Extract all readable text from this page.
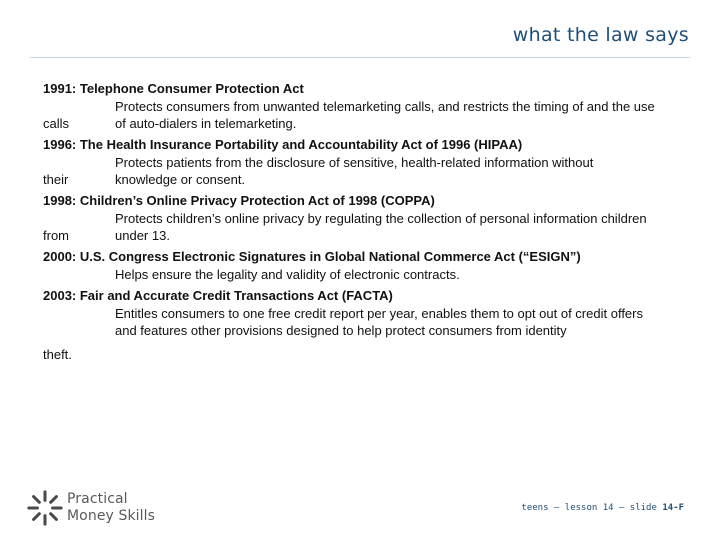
what the law says
1991: Telephone Consumer Protection Act
Protects consumers from unwanted telemarketing calls, and restricts the timing of and the use of auto-dialers in telemarketing.
calls
1996: The Health Insurance Portability and Accountability Act of 1996 (HIPAA)
Protects patients from the disclosure of sensitive, health-related information without knowledge or consent.
their
1998: Children’s Online Privacy Protection Act of 1998 (COPPA)
Protects children’s online privacy by regulating the collection of personal information children under 13.
from
2000: U.S. Congress Electronic Signatures in Global National Commerce Act (“ESIGN”)
Helps ensure the legality and validity of electronic contracts.
2003: Fair and Accurate Credit Transactions Act (FACTA)
Entitles consumers to one free credit report per year, enables them to opt out of credit offers and features other provisions designed to help protect consumers from identity
theft.
Practical
Money Skills	teens – lesson 14 – slide 14-F
